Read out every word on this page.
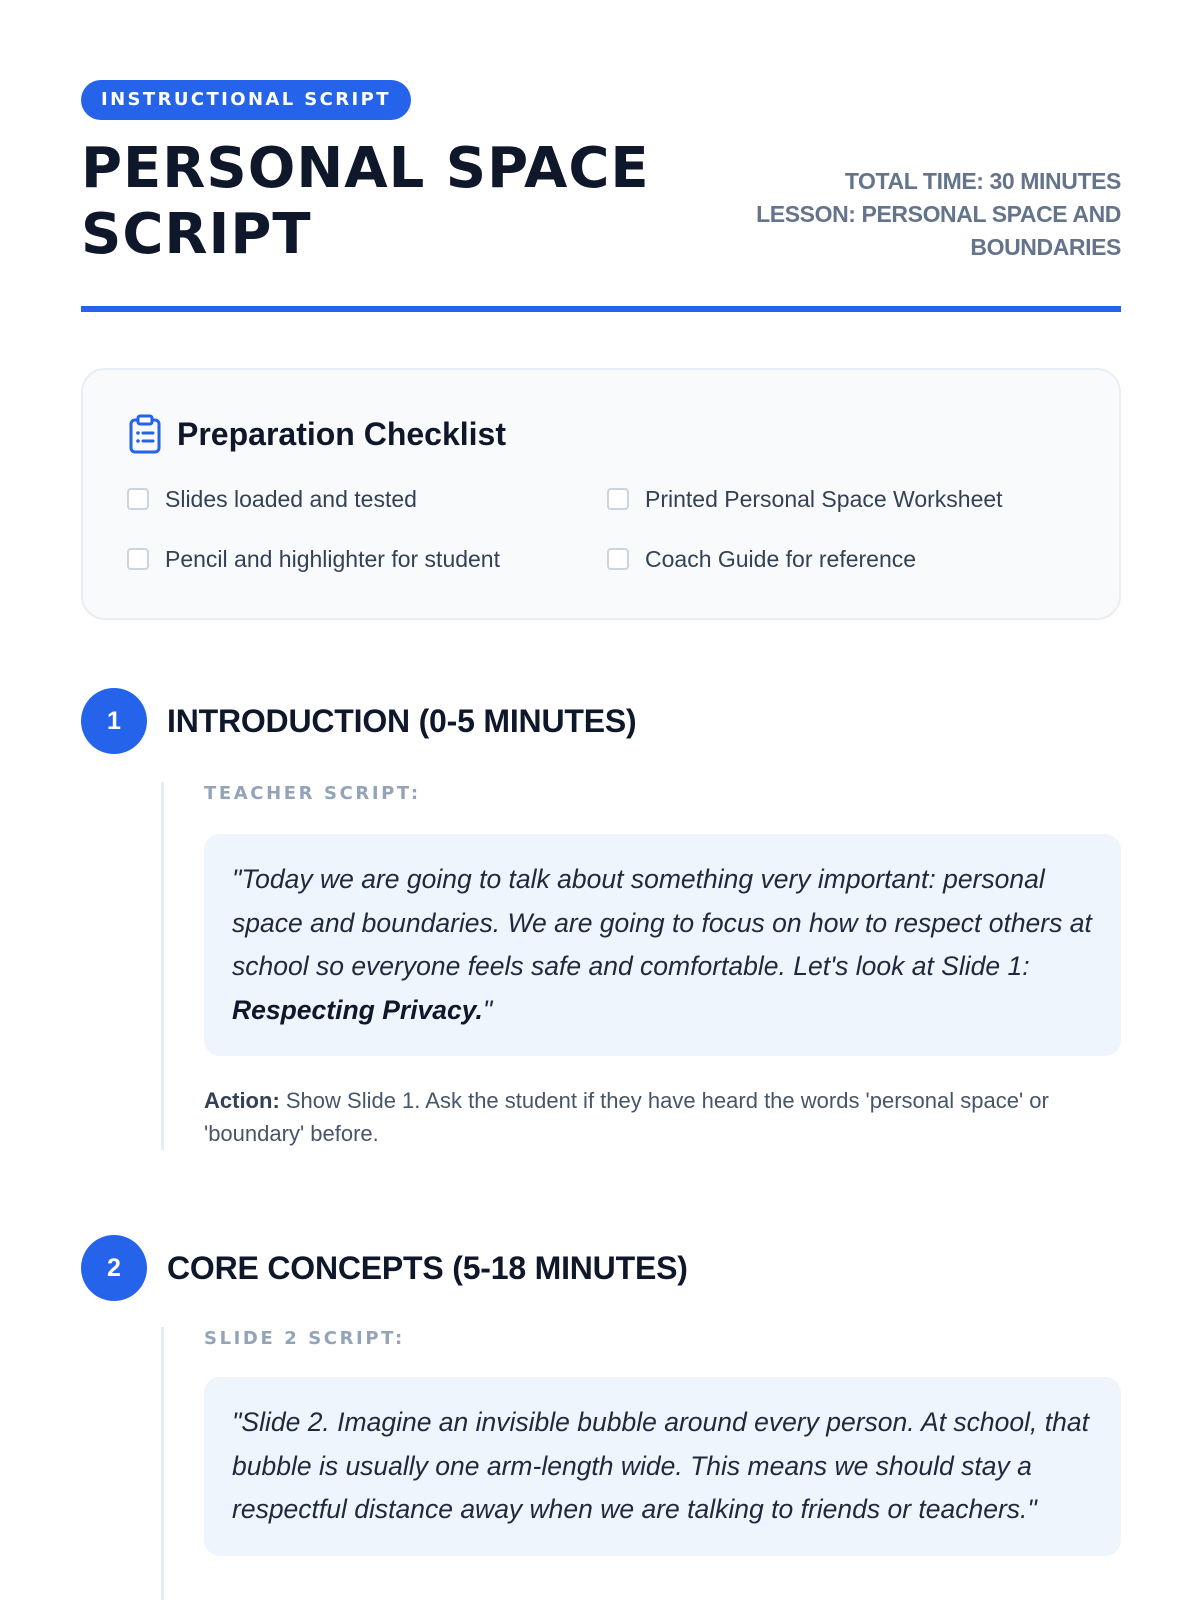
INSTRUCTIONAL SCRIPT
PERSONAL SPACE SCRIPT
TOTAL TIME: 30 MINUTES
LESSON: PERSONAL SPACE AND BOUNDARIES
Preparation Checklist
Slides loaded and tested	Printed Personal Space Worksheet
Pencil and highlighter for student	Coach Guide for reference
1	INTRODUCTION (0-5 MINUTES)
TEACHER SCRIPT:
"Today we are going to talk about something very important: personal space and boundaries. We are going to focus on how to respect others at school so everyone feels safe and comfortable. Let's look at Slide 1: Respecting Privacy."
Action: Show Slide 1. Ask the student if they have heard the words 'personal space' or 'boundary' before.
2	CORE CONCEPTS (5-18 MINUTES)
SLIDE 2 SCRIPT:
"Slide 2. Imagine an invisible bubble around every person. At school, that bubble is usually one arm-length wide. This means we should stay a respectful distance away when we are talking to friends or teachers."
